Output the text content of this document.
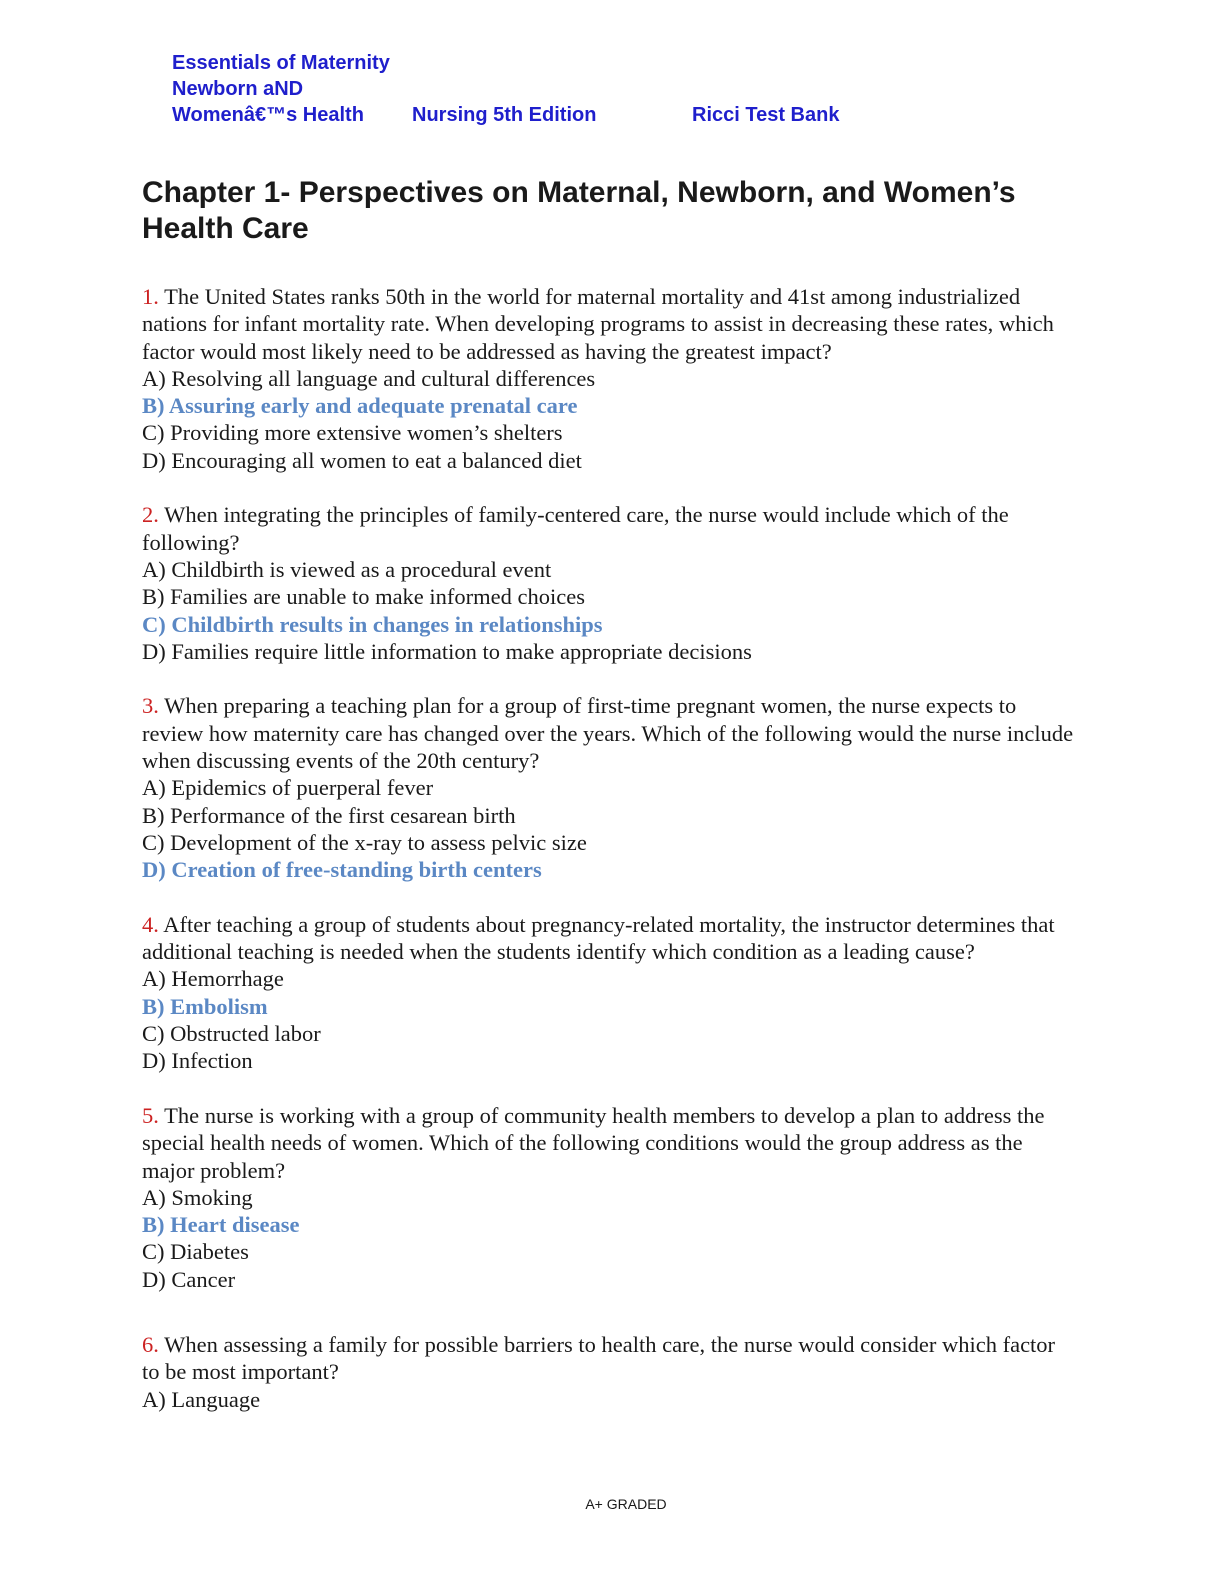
Essentials of Maternity
Newborn aND
Womenâ€™s Health Nursing 5th Edition	Ricci Test Bank
Chapter 1- Perspectives on Maternal, Newborn, and Women’s Health Care

1. The United States ranks 50th in the world for maternal mortality and 41st among industrialized nations for infant mortality rate. When developing programs to assist in decreasing these rates, which factor would most likely need to be addressed as having the greatest impact?

A) Resolving all language and cultural differences

B) Assuring early and adequate prenatal care

C) Providing more extensive women’s shelters

D) Encouraging all women to eat a balanced diet

2. When integrating the principles of family-centered care, the nurse would include which of the following?

A) Childbirth is viewed as a procedural event

B) Families are unable to make informed choices

C) Childbirth results in changes in relationships

D) Families require little information to make appropriate decisions

3. When preparing a teaching plan for a group of first-time pregnant women, the nurse expects to review how maternity care has changed over the years. Which of the following would the nurse include when discussing events of the 20th century?

A) Epidemics of puerperal fever

B) Performance of the first cesarean birth

C) Development of the x-ray to assess pelvic size

D) Creation of free-standing birth centers

4. After teaching a group of students about pregnancy-related mortality, the instructor determines that additional teaching is needed when the students identify which condition as a leading cause?

A) Hemorrhage

B) Embolism

C) Obstructed labor

D) Infection

5. The nurse is working with a group of community health members to develop a plan to address the special health needs of women. Which of the following conditions would the group address as the major problem?

A) Smoking

B) Heart disease

C) Diabetes

D) Cancer

6. When assessing a family for possible barriers to health care, the nurse would consider which factor to be most important?

A) Language

A+ GRADED
